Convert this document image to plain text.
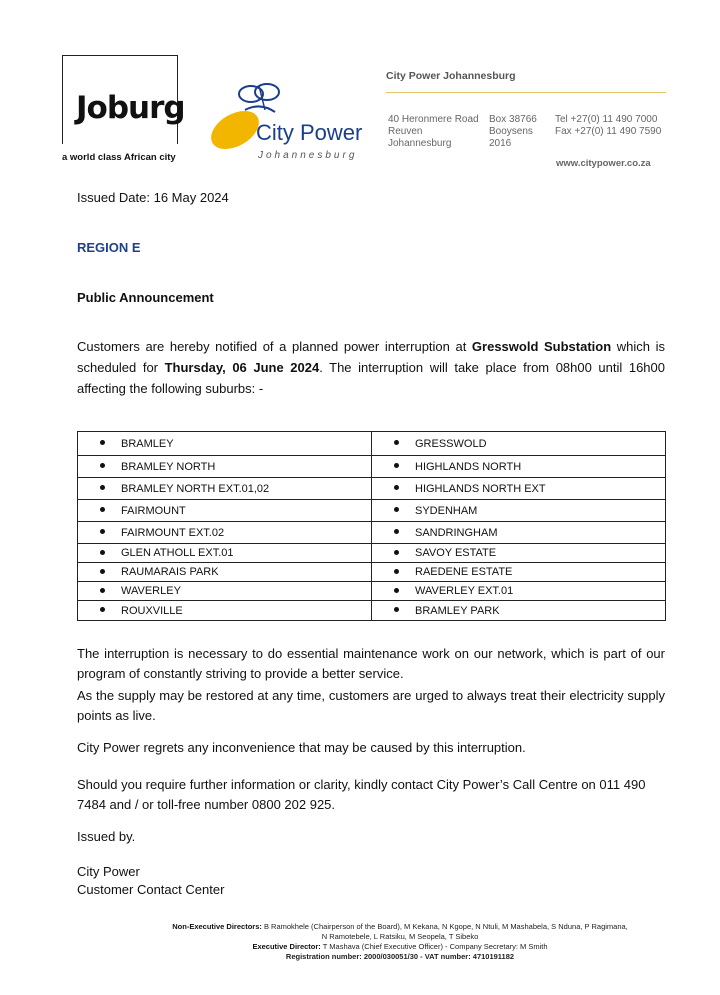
Joburg
a world class African city
City Power
Johannesburg
City Power Johannesburg
40 Heronmere Road
Reuven
Johannesburg
Box 38766
Booysens
2016
Tel +27(0) 11 490 7000
Fax +27(0) 11 490 7590
www.citypower.co.za
Issued Date: 16 May 2024
REGION E
Public Announcement
Customers are hereby notified of a planned power interruption at Gresswold Substation which is scheduled for Thursday, 06 June 2024. The interruption will take place from 08h00 until 16h00 affecting the following suburbs: -
BRAMLEY	GRESSWOLD
BRAMLEY NORTH	HIGHLANDS NORTH
BRAMLEY NORTH EXT.01,02	HIGHLANDS NORTH EXT
FAIRMOUNT	SYDENHAM
FAIRMOUNT EXT.02	SANDRINGHAM
GLEN ATHOLL EXT.01	SAVOY ESTATE
RAUMARAIS PARK	RAEDENE ESTATE
WAVERLEY	WAVERLEY EXT.01
ROUXVILLE	BRAMLEY PARK
The interruption is necessary to do essential maintenance work on our network, which is part of our program of constantly striving to provide a better service.
As the supply may be restored at any time, customers are urged to always treat their electricity supply points as live.
City Power regrets any inconvenience that may be caused by this interruption.
Should you require further information or clarity, kindly contact City Power’s Call Centre on 011 490 7484 and / or toll-free number 0800 202 925.
Issued by.
City Power
Customer Contact Center
Non-Executive Directors: B Ramokhele (Chairperson of the Board), M Kekana, N Kgope, N Ntuli, M Mashabela, S Nduna, P Ragimana,
N Ramotebele, L Ratsiku, M Seopela, T Sibeko
Executive Director: T Mashava (Chief Executive Officer) - Company Secretary: M Smith
Registration number: 2000/030051/30 - VAT number: 4710191182
